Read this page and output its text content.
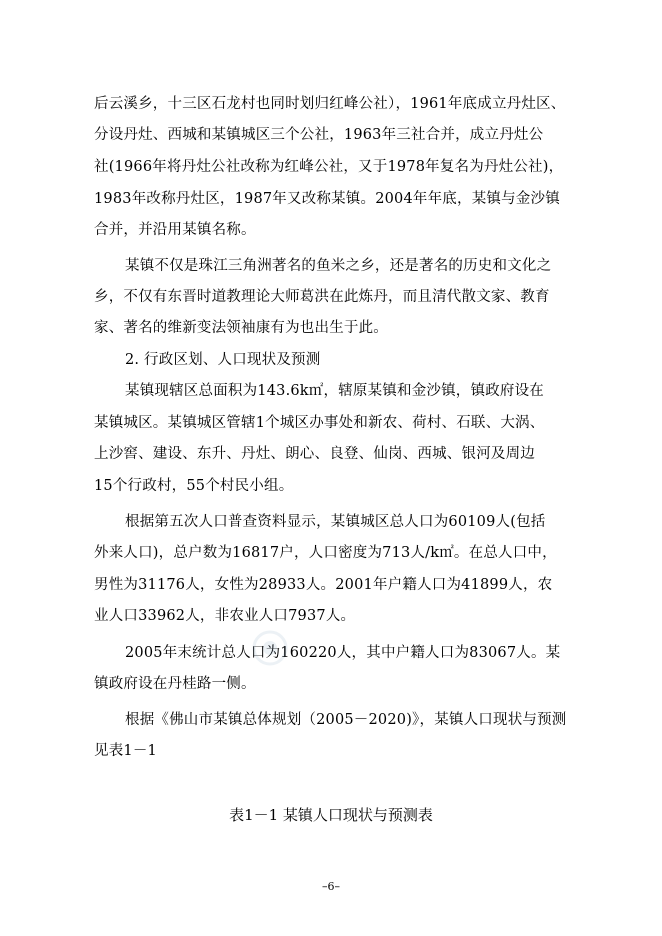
后云溪乡，十三区石龙村也同时划归红峰公社），1961年底成立丹灶区、
分设丹灶、西城和某镇城区三个公社，1963年三社合并，成立丹灶公
社(1966年将丹灶公社改称为红峰公社，又于1978年复名为丹灶公社)，
1983年改称丹灶区，1987年又改称某镇。2004年年底，某镇与金沙镇
合并，并沿用某镇名称。
某镇不仅是珠江三角洲著名的鱼米之乡，还是著名的历史和文化之
乡，不仅有东晋时道教理论大师葛洪在此炼丹，而且清代散文家、教育
家、著名的维新变法领袖康有为也出生于此。
2. 行政区划、人口现状及预测
某镇现辖区总面积为143.6k㎡，辖原某镇和金沙镇，镇政府设在
某镇城区。某镇城区管辖1个城区办事处和新农、荷村、石联、大涡、
上沙窖、建设、东升、丹灶、朗心、良登、仙岗、西城、银河及周边
15个行政村，55个村民小组。
根据第五次人口普查资料显示，某镇城区总人口为60109人(包括
外来人口)，总户数为16817户，人口密度为713人/k㎡。在总人口中，
男性为31176人，女性为28933人。2001年户籍人口为41899人，农
业人口33962人，非农业人口7937人。
2005年末统计总人口为160220人，其中户籍人口为83067人。某
镇政府设在丹桂路一侧。
根据《佛山市某镇总体规划（2005－2020)》，某镇人口现状与预测
见表1－1
表1－1 某镇人口现状与预测表
–6–
